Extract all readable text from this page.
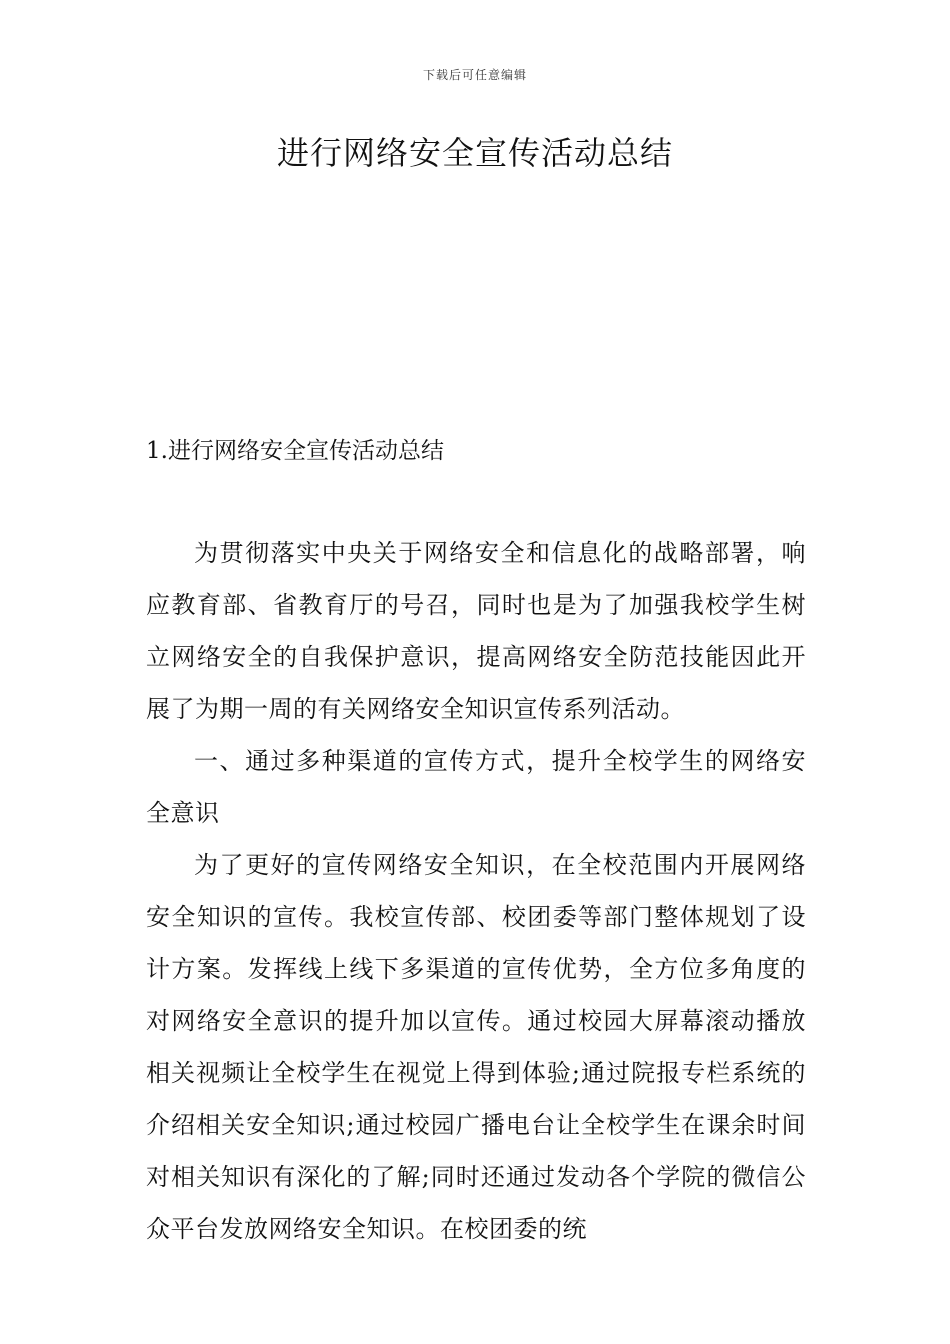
下载后可任意编辑
进行网络安全宣传活动总结
1.进行网络安全宣传活动总结

为贯彻落实中央关于网络安全和信息化的战略部署，响应教育部、省教育厅的号召，同时也是为了加强我校学生树立网络安全的自我保护意识，提高网络安全防范技能因此开展了为期一周的有关网络安全知识宣传系列活动。

一、通过多种渠道的宣传方式，提升全校学生的网络安全意识

为了更好的宣传网络安全知识，在全校范围内开展网络安全知识的宣传。我校宣传部、校团委等部门整体规划了设计方案。发挥线上线下多渠道的宣传优势，全方位多角度的对网络安全意识的提升加以宣传。通过校园大屏幕滚动播放相关视频让全校学生在视觉上得到体验;通过院报专栏系统的介绍相关安全知识;通过校园广播电台让全校学生在课余时间对相关知识有深化的了解;同时还通过发动各个学院的微信公众平台发放网络安全知识。在校团委的统
